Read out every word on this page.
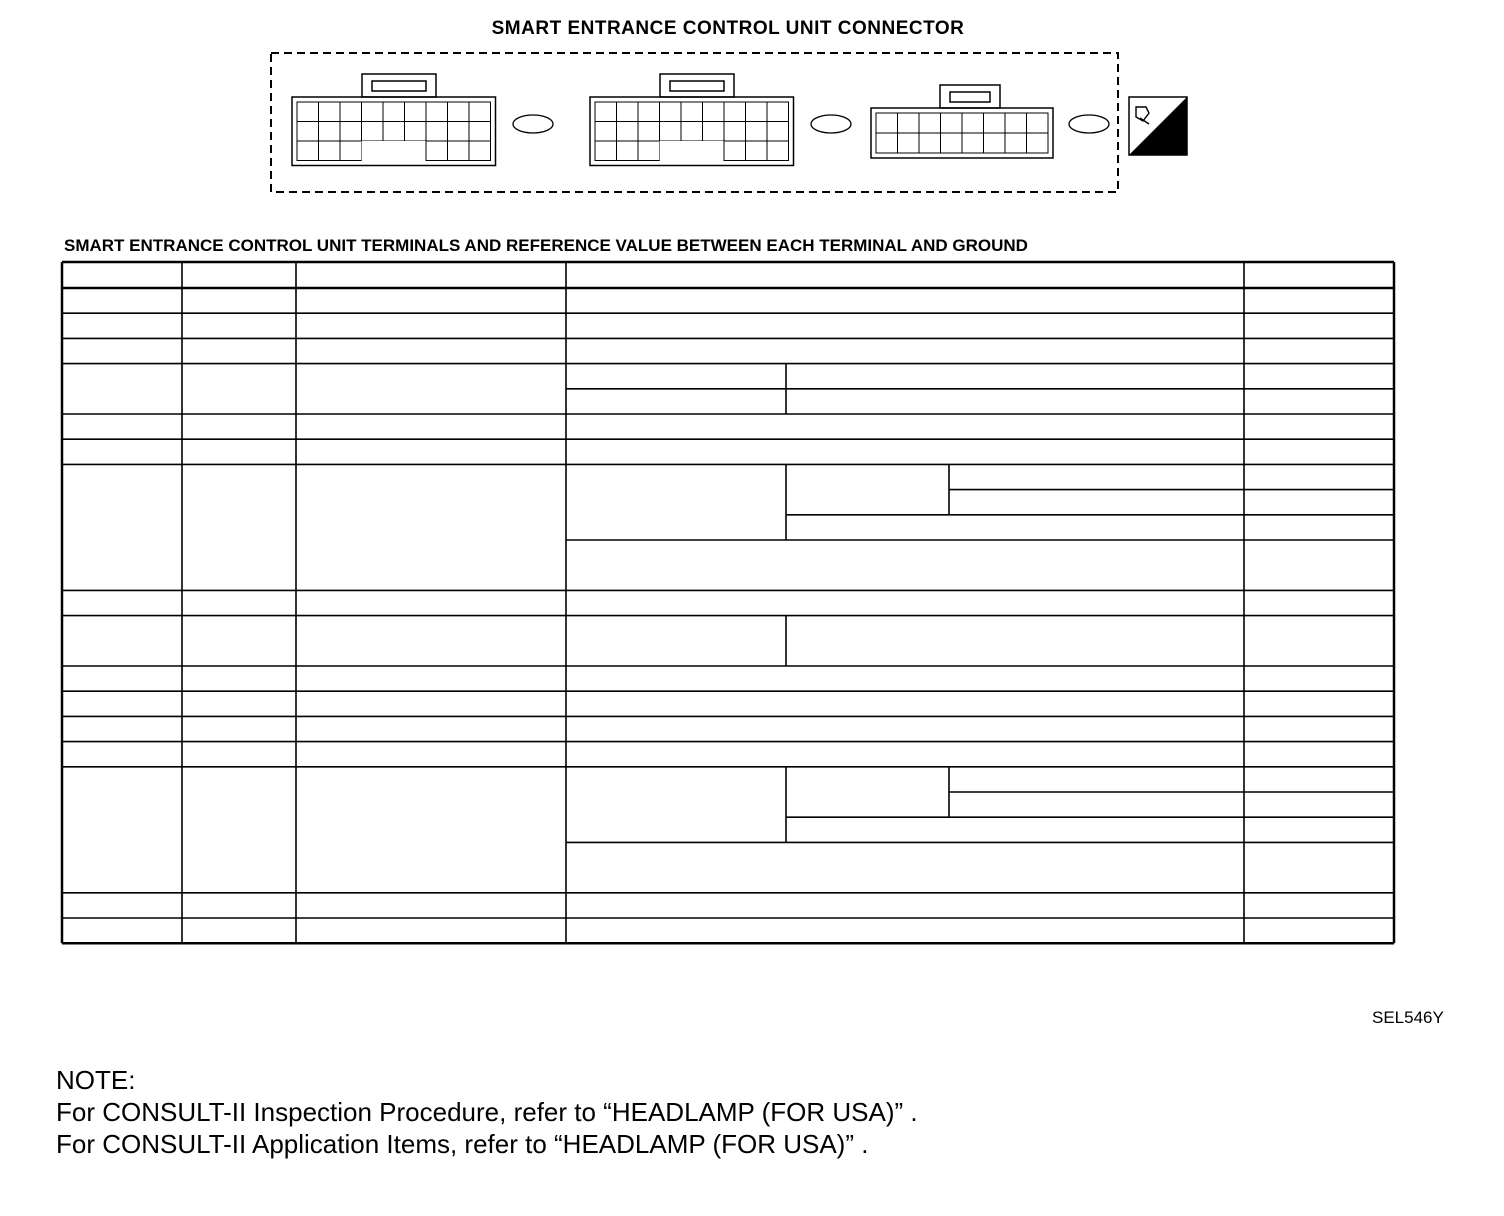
SMART ENTRANCE CONTROL UNIT CONNECTOR
SMART ENTRANCE CONTROL UNIT TERMINALS AND REFERENCE VALUE BETWEEN EACH TERMINAL AND GROUND
SEL546Y
NOTE:
For CONSULT-II Inspection Procedure, refer to “HEADLAMP (FOR USA)” .
For CONSULT-II Application Items, refer to “HEADLAMP (FOR USA)” .
